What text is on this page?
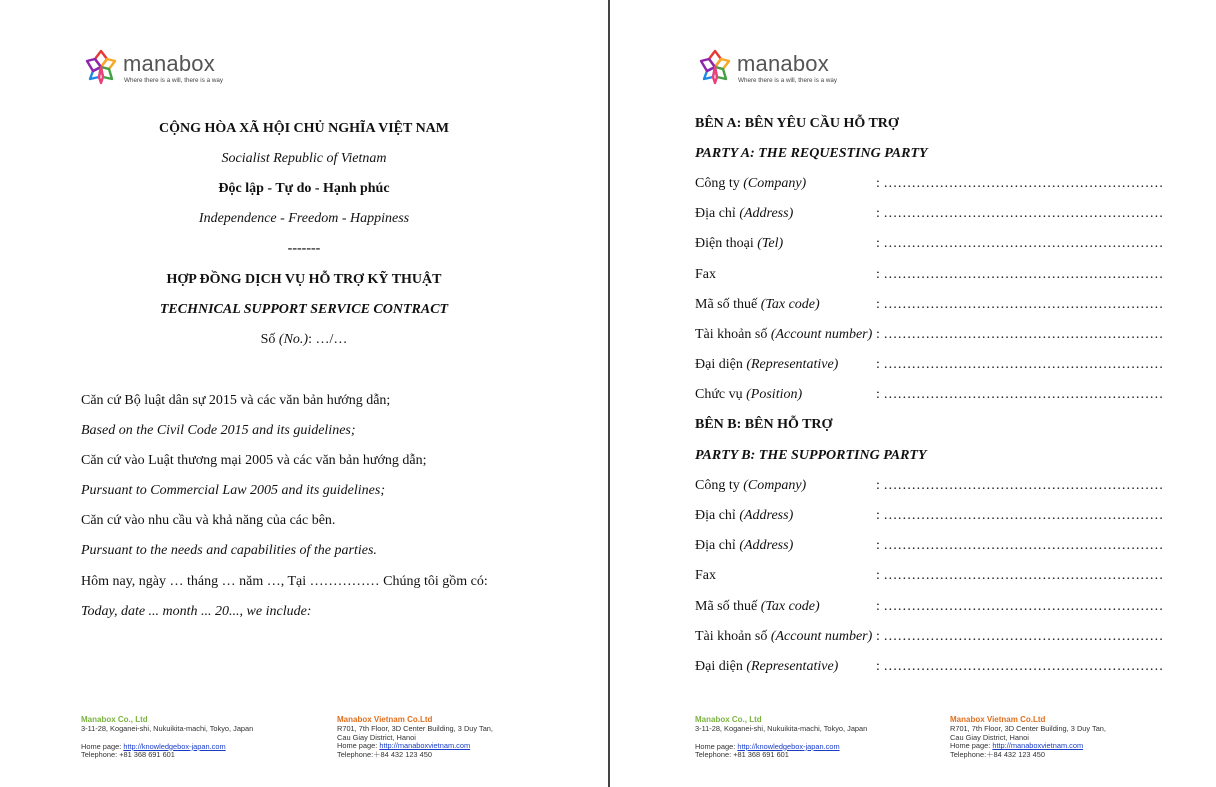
manabox
Where there is a will, there is a way
CỘNG HÒA XÃ HỘI CHỦ NGHĨA VIỆT NAM
Socialist Republic of Vietnam
Độc lập - Tự do - Hạnh phúc
Independence - Freedom - Happiness
-------
HỢP ĐỒNG DỊCH VỤ HỖ TRỢ KỸ THUẬT
TECHNICAL SUPPORT SERVICE CONTRACT
Số (No.): …/…
Căn cứ Bộ luật dân sự 2015 và các văn bản hướng dẫn;
Based on the Civil Code 2015 and its guidelines;
Căn cứ vào Luật thương mại 2005 và các văn bản hướng dẫn;
Pursuant to Commercial Law 2005 and its guidelines;
Căn cứ vào nhu cầu và khả năng của các bên.
Pursuant to the needs and capabilities of the parties.
Hôm nay, ngày … tháng … năm …, Tại …………… Chúng tôi gồm có:
Today, date ... month ... 20..., we include:
Manabox Co., Ltd
3-11-28, Koganei-shi, Nukuikita-machi, Tokyo, Japan
Home page: http://knowledgebox-japan.com
Telephone: +81 368 691 601
Manabox Vietnam Co.Ltd
R701, 7th Floor, 3D Center Building, 3 Duy Tan,
Cau Giay District, Hanoi
Home page: http://manaboxvietnam.com
Telephone:＋84 432 123 450
manabox
Where there is a will, there is a way
BÊN A: BÊN YÊU CẦU HỖ TRỢ
PARTY A: THE REQUESTING PARTY
Công ty (Company)	: ……………………………………………………
Địa chỉ (Address)	: ……………………………………………………
Điện thoại (Tel)	: ……………………………………………………
Fax	: ……………………………………………………
Mã số thuế (Tax code)	: ……………………………………………………
Tài khoản số (Account number) : ……………………………………………………
Đại diện (Representative)	: ……………………………………………………
Chức vụ (Position)	: ……………………………………………………
BÊN B: BÊN HỖ TRỢ
PARTY B: THE SUPPORTING PARTY
Công ty (Company)	: ……………………………………………………
Địa chỉ (Address)	: ……………………………………………………
Địa chỉ (Address)	: ……………………………………………………
Fax	: ……………………………………………………
Mã số thuế (Tax code)	: ……………………………………………………
Tài khoản số (Account number) : ……………………………………………………
Đại diện (Representative)	: ……………………………………………………
Manabox Co., Ltd
3-11-28, Koganei-shi, Nukuikita-machi, Tokyo, Japan
Home page: http://knowledgebox-japan.com
Telephone: +81 368 691 601
Manabox Vietnam Co.Ltd
R701, 7th Floor, 3D Center Building, 3 Duy Tan,
Cau Giay District, Hanoi
Home page: http://manaboxvietnam.com
Telephone:＋84 432 123 450
